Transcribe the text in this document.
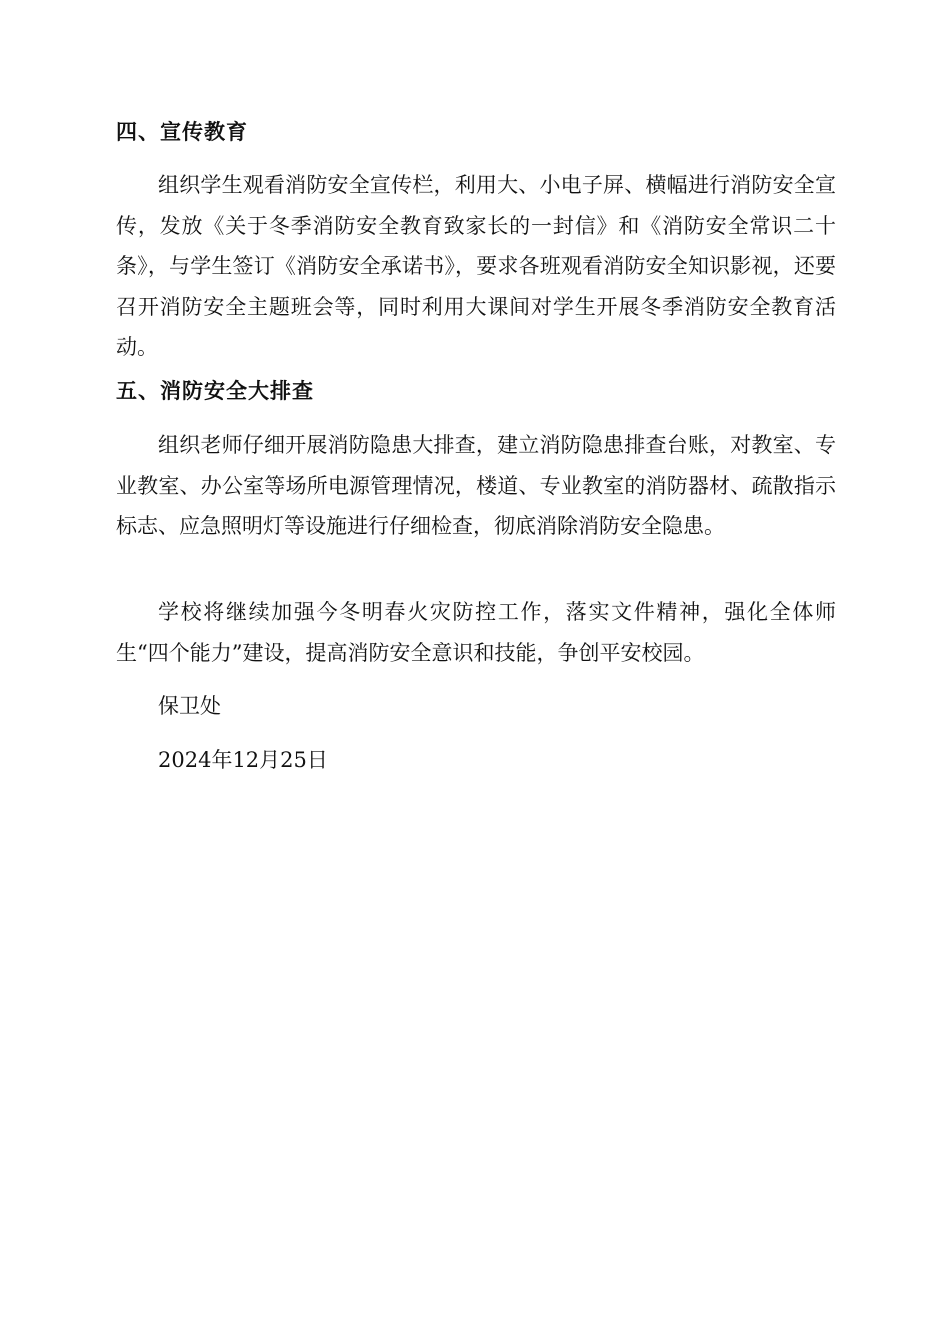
四、宣传教育
组织学生观看消防安全宣传栏，利用大、小电子屏、横幅进行消防安全宣传，发放《关于冬季消防安全教育致家长的一封信》和《消防安全常识二十条》，与学生签订《消防安全承诺书》，要求各班观看消防安全知识影视，还要召开消防安全主题班会等，同时利用大课间对学生开展冬季消防安全教育活动。
五、消防安全大排查
组织老师仔细开展消防隐患大排查，建立消防隐患排查台账，对教室、专业教室、办公室等场所电源管理情况，楼道、专业教室的消防器材、疏散指示标志、应急照明灯等设施进行仔细检查，彻底消除消防安全隐患。
学校将继续加强今冬明春火灾防控工作，落实文件精神，强化全体师生“四个能力”建设，提高消防安全意识和技能，争创平安校园。
保卫处
2024年12月25日
